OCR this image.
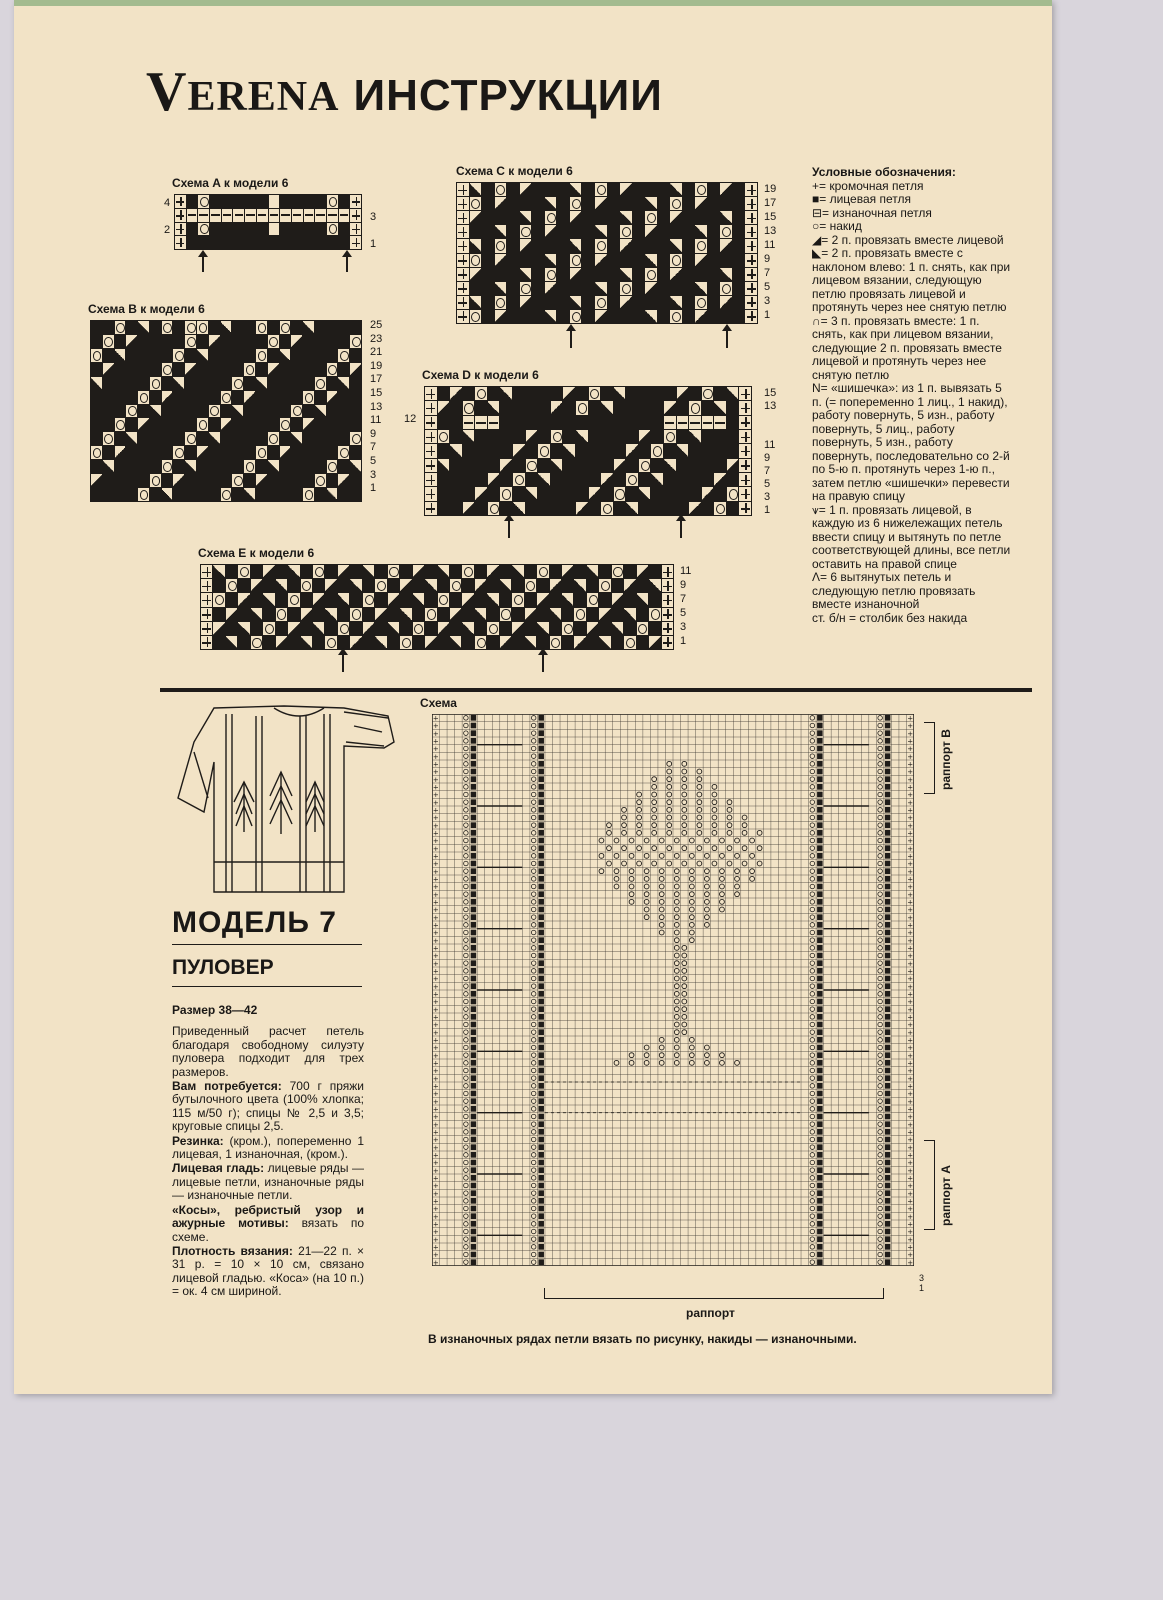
VERENA ИНСТРУКЦИИ
Схема A к модели 6
4
2
3
1
Схема B к модели 6
25
23
21
19
17
15
13
11
9
7
5
3
1
Схема C к модели 6
19
17
15
13
11
9
7
5
3
1
Схема D к модели 6
12
15
13
11
9
7
5
3
1
Схема E к модели 6
11
9
7
5
3
1
Условные обозначения:
+= кромочная петля
■= лицевая петля
⊟= изнаночная петля
○= накид
◢= 2 п. провязать вместе лицевой
◣= 2 п. провязать вместе с наклоном влево: 1 п. снять, как при лицевом вязании, следующую петлю провязать лицевой и протянуть через нее снятую петлю
∩= 3 п. провязать вместе: 1 п. снять, как при лицевом вязании, следующие 2 п. провязать вместе лицевой и протянуть через нее снятую петлю
N= «шишечка»: из 1 п. вывязать 5 п. (= попеременно 1 лиц., 1 накид), работу повернуть, 5 изн., работу повернуть, 5 лиц., работу повернуть, 5 изн., работу повернуть, последовательно со 2-й по 5-ю п. протянуть через 1-ю п., затем петлю «шишечки» перевести на правую спицу
⩛= 1 п. провязать лицевой, в каждую из 6 нижележащих петель ввести спицу и вытянуть по петле соответствующей длины, все петли оставить на правой спице
Λ= 6 вытянутых петель и следующую петлю провязать вместе изнаночной
ст. б/н = столбик без накида
МОДЕЛЬ 7
ПУЛОВЕР

Размер 38—42

Приведенный расчет петель благодаря свободному силуэту пуловера подходит для трех размеров.

Вам потребуется: 700 г пряжи бутылочного цвета (100% хлопка; 115 м/50 г); спицы № 2,5 и 3,5; круговые спицы 2,5.

Резинка: (кром.), попеременно 1 лицевая, 1 изнаночная, (кром.).

Лицевая гладь: лицевые ряды — лицевые петли, изнаночные ряды — изнаночные петли.

«Косы», ребристый узор и ажурные мотивы: вязать по схеме.

Плотность вязания: 21—22 п. × 31 р. = 10 × 10 см, связано лицевой гладью. «Коса» (на 10 п.) = ок. 4 см шириной.

Схема
+	+
+	+
+	+
+	+
+	+
+	+
+	+
+	+
+	+
+	+
+	+
+	+
+	+
+	+
+	+
+	+
+	+
+	+
+	+
+	+
+	+
+	+
+	+
+	+
+	+
+	+
+	+
+	+
+	+
+	+
+	+
+	+
+	+
+	+
+	+
+	+
+	+
+	+
+	+
+	+
+	+
+	+
+	+
+	+
+	+
+	+
+	+
+	+
+	+
+	+
+	+
+	+
+	+
+	+
+	+
+	+
+	+
+	+
+	+
+	+
+	+
+	+
+	+
+	+
+	+
+	+
+	+
+	+
+	+
+	+
+	+
+	+
раппорт B
раппорт A
3
1
раппорт
В изнаночных рядах петли вязать по рисунку, накиды — изнаночными.
